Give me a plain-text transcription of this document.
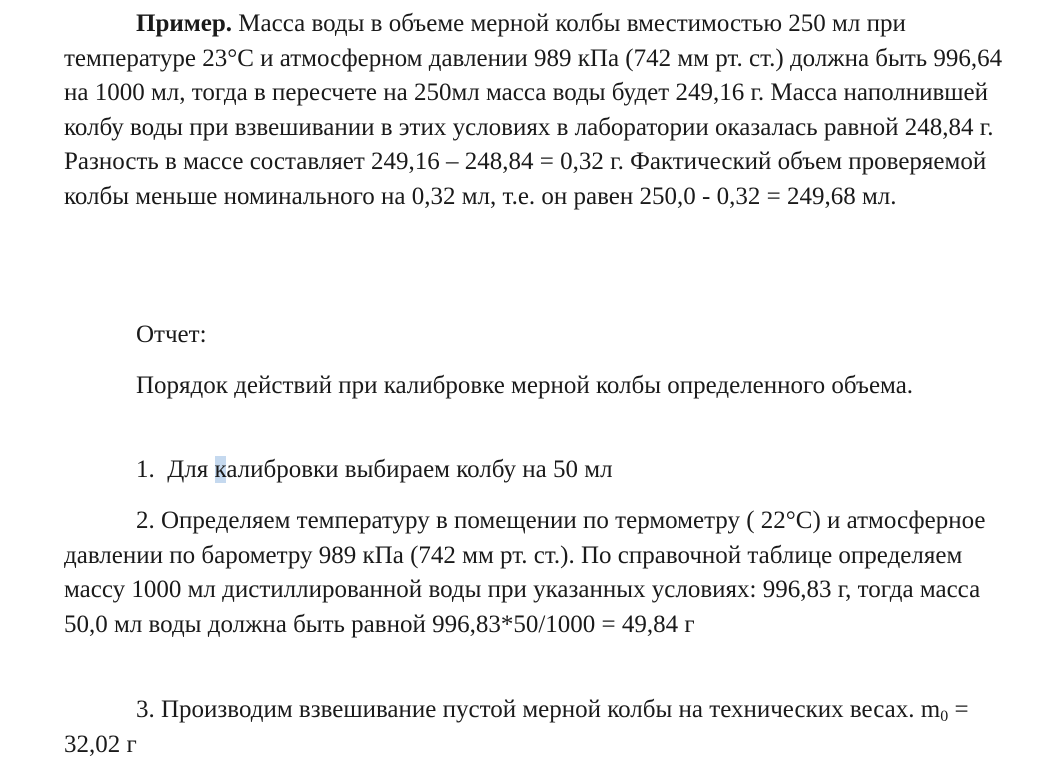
Пример. Масса воды в объеме мерной колбы вместимостью 250 мл при температуре 23°С и атмосферном давлении 989 кПа (742 мм рт. ст.) должна быть 996,64 на 1000 мл, тогда в пересчете на 250мл масса воды будет 249,16 г. Масса наполнившей колбу воды при взвешивании в этих условиях в лаборатории оказалась равной 248,84 г. Разность в массе составляет 249,16 – 248,84 = 0,32 г. Фактический объем проверяемой колбы меньше номинального на 0,32 мл, т.е. он равен 250,0 - 0,32 = 249,68 мл.

Отчет:

Порядок действий при калибровке мерной колбы определенного объема.

1.  Для калибровки выбираем колбу на 50 мл

2. Определяем температуру в помещении по термометру ( 22°С) и атмосферное давлении по барометру 989 кПа (742 мм рт. ст.). По справочной таблице определяем массу 1000 мл дистиллированной воды при указанных условиях: 996,83 г, тогда масса 50,0 мл воды должна быть равной 996,83*50/1000 = 49,84 г

3. Производим взвешивание пустой мерной колбы на технических весах. $m_0 = 32,02$ г
